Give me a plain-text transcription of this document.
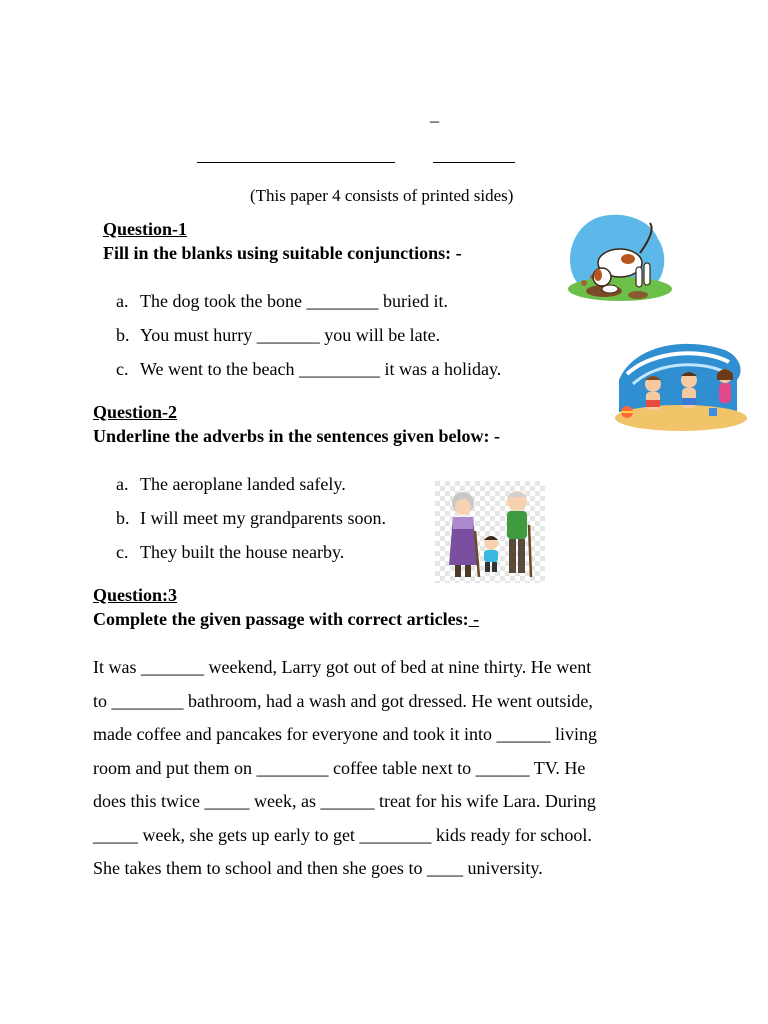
_
(This paper 4 consists of printed sides)
Question-1
Fill in the blanks using suitable conjunctions: -
a. The dog took the bone ________ buried it.
b. You must hurry _______ you will be late.
c. We went to the beach _________ it was a holiday.
Question-2
Underline the adverbs in the sentences given below: -
a. The aeroplane landed safely.
b. I will meet my grandparents soon.
c. They built the house nearby.
Question:3
Complete the given passage with correct articles: -
It was _______ weekend, Larry got out of bed at nine thirty. He went
to ________ bathroom, had a wash and got dressed. He went outside,
made coffee and pancakes for everyone and took it into ______ living
room and put them on ________ coffee table next to ______ TV. He
does this twice _____ week, as ______ treat for his wife Lara. During
_____ week, she gets up early to get ________ kids ready for school.
She takes them to school and then she goes to ____ university.
